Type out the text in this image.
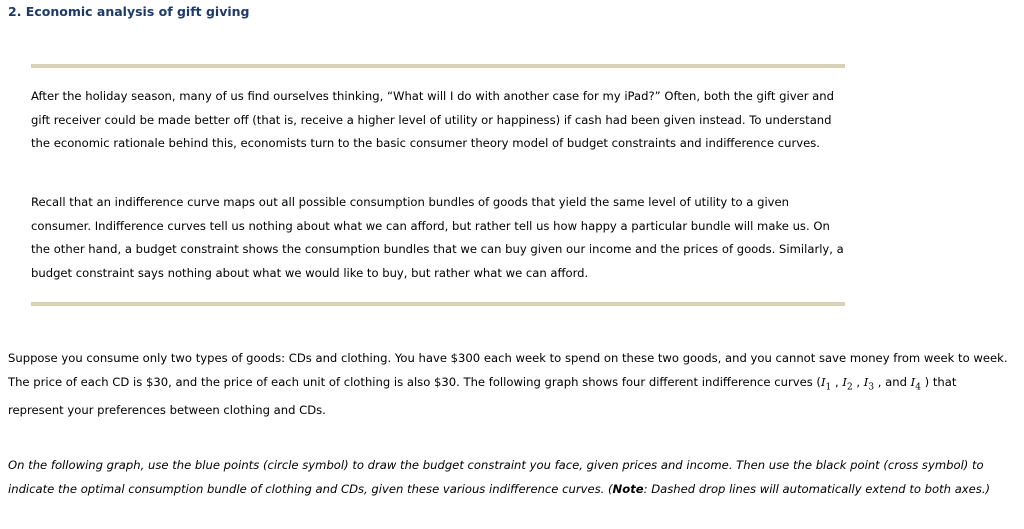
2. Economic analysis of gift giving

After the holiday season, many of us find ourselves thinking, “What will I do with another case for my iPad?” Often, both the gift giver and gift receiver could be made better off (that is, receive a higher level of utility or happiness) if cash had been given instead. To understand the economic rationale behind this, economists turn to the basic consumer theory model of budget constraints and indifference curves.

Recall that an indifference curve maps out all possible consumption bundles of goods that yield the same level of utility to a given consumer. Indifference curves tell us nothing about what we can afford, but rather tell us how happy a particular bundle will make us. On the other hand, a budget constraint shows the consumption bundles that we can buy given our income and the prices of goods. Similarly, a budget constraint says nothing about what we would like to buy, but rather what we can afford.

Suppose you consume only two types of goods: CDs and clothing. You have $300 each week to spend on these two goods, and you cannot save money from week to week. The price of each CD is $30, and the price of each unit of clothing is also $30. The following graph shows four different indifference curves ($I_1$ , $I_2$ , $I_3$ , and $I_4$ ) that represent your preferences between clothing and CDs.

On the following graph, use the blue points (circle symbol) to draw the budget constraint you face, given prices and income. Then use the black point (cross symbol) to indicate the optimal consumption bundle of clothing and CDs, given these various indifference curves. (Note: Dashed drop lines will automatically extend to both axes.)
